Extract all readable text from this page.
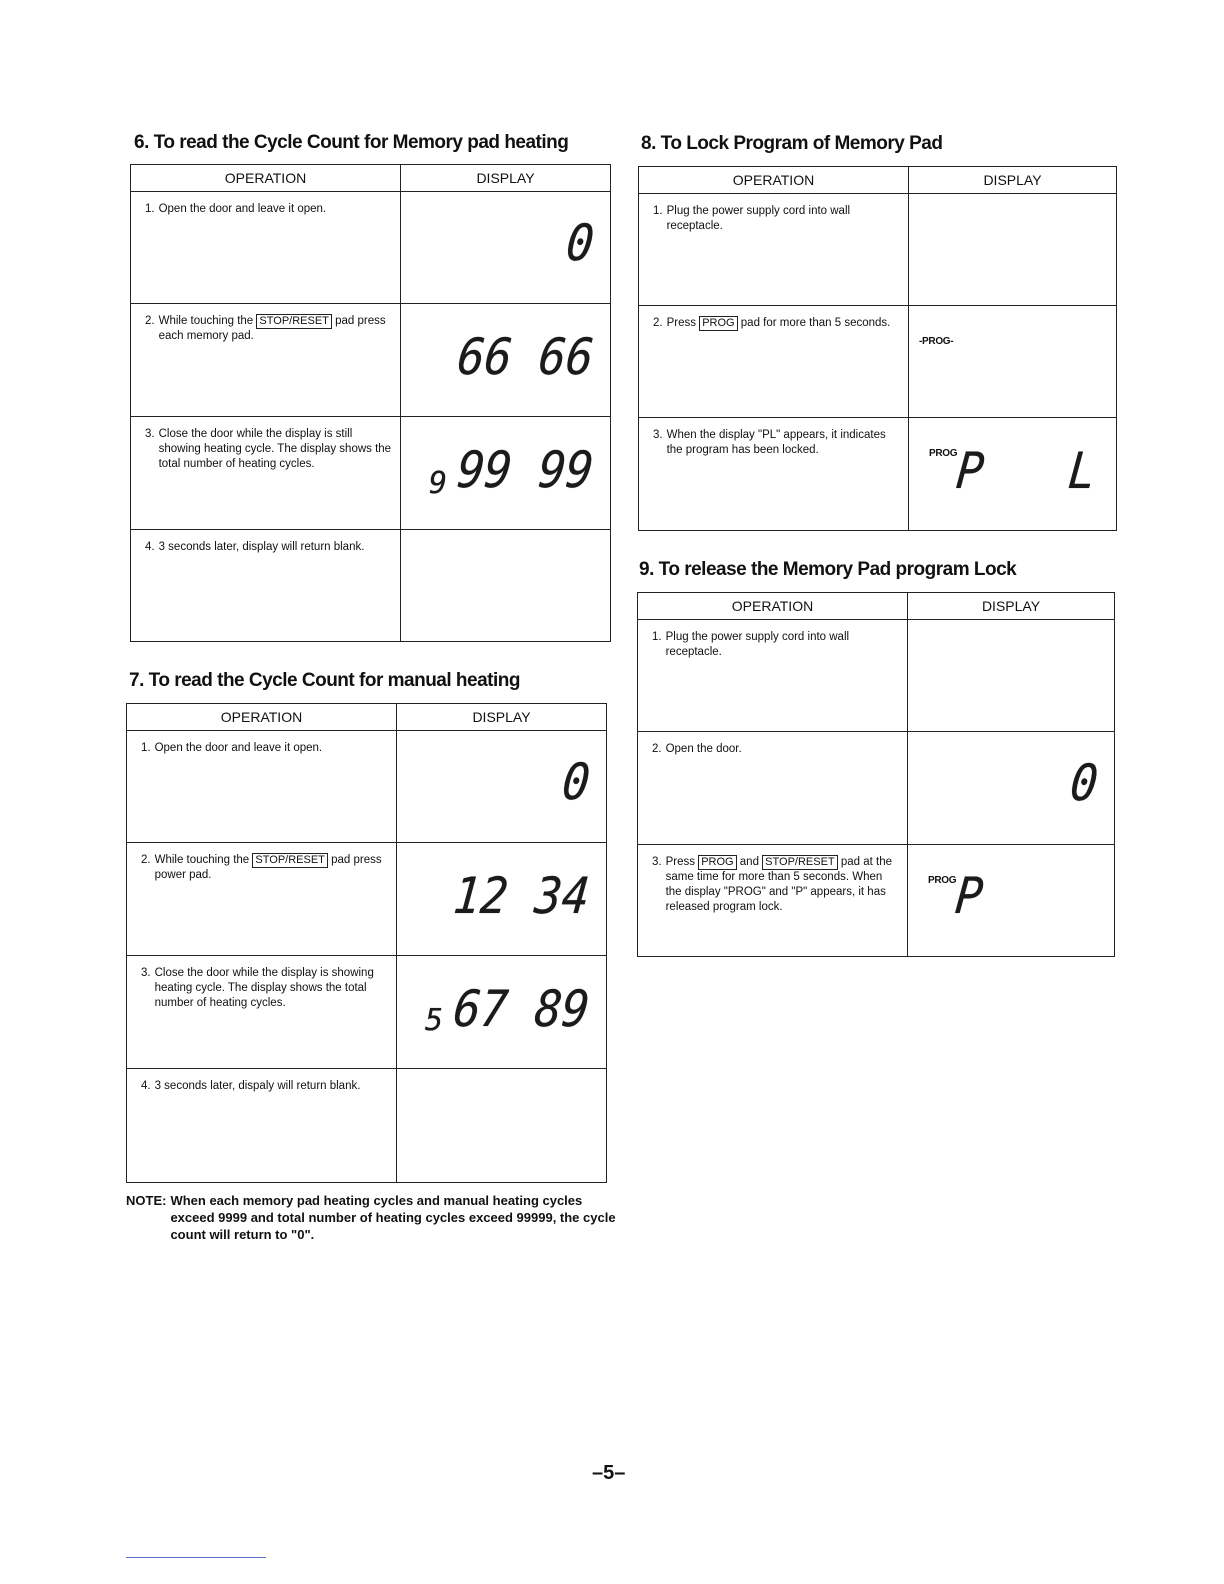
6. To read the Cycle Count for Memory pad heating
OPERATION	DISPLAY

1. Open the door and leave it open.	0

2. While touching the STOP/RESET pad press each memory pad.	66 66

3. Close the door while the display is still showing heating cycle. The display shows the total number of heating cycles.	9 99 99

4. 3 seconds later, display will return blank.	

7. To read the Cycle Count for manual heating
OPERATION	DISPLAY

1. Open the door and leave it open.	0

2. While touching the STOP/RESET pad press power pad.	12 34

3. Close the door while the display is showing heating cycle. The display shows the total number of heating cycles.	5 67 89

4. 3 seconds later, dispaly will return blank.	

8. To Lock Program of Memory Pad
OPERATION	DISPLAY

1. Plug the power supply cord into wall receptacle.	

2. Press PROG pad for more than 5 seconds.	-PROG-

3. When the display "PL" appears, it indicates the program has been locked.	PROG
P L
9. To release the Memory Pad program Lock
OPERATION	DISPLAY

1. Plug the power supply cord into wall receptacle.	

2. Open the door.	0

3. Press PROG and STOP/RESET pad at the same time for more than 5 seconds. When the display "PROG" and "P" appears, it has released program lock.	PROG
P
NOTE: When each memory pad heating cycles and manual heating cycles exceed 9999 and total number of heating cycles exceed 99999, the cycle count will return to "0".
–5–
